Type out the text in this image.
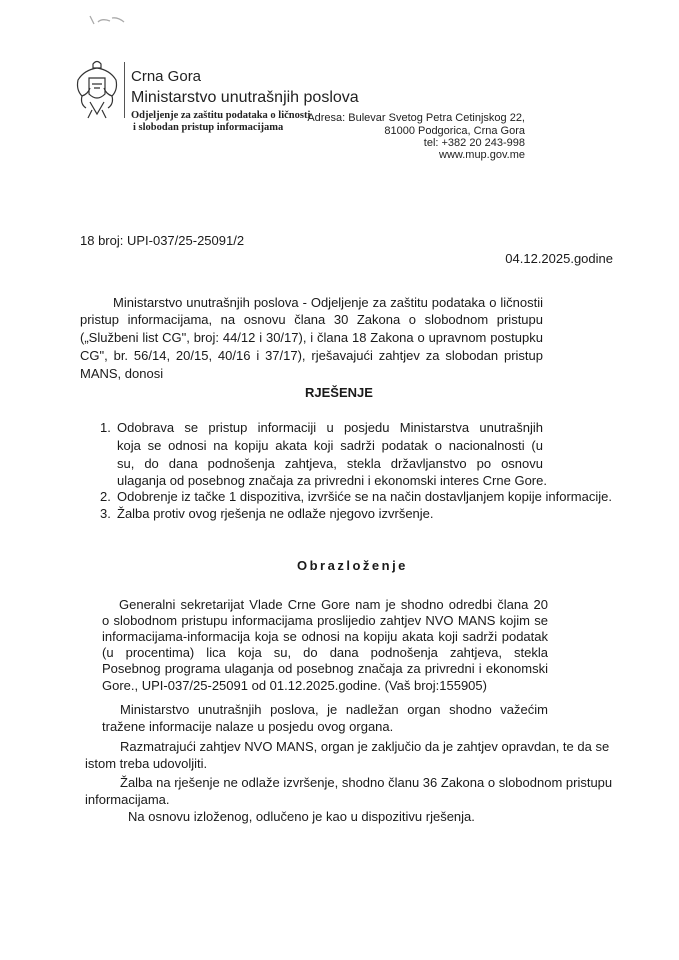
Crna Gora
Ministarstvo unutrašnjih poslova
Odjeljenje za zaštitu podataka o ličnosti
i slobodan pristup informacijama
Adresa: Bulevar Svetog Petra Cetinjskog 22,
81000 Podgorica, Crna Gora
tel: +382 20 243-998
www.mup.gov.me
18 broj: UPI-037/25-25091/2
04.12.2025.godine
Ministarstvo unutrašnjih poslova - Odjeljenje za zaštitu podataka o ličnostii
pristup informacijama, na osnovu člana 30 Zakona o slobodnom pristupu
(„Službeni list CG", broj: 44/12 i 30/17), i člana 18 Zakona o upravnom postupku
CG", br. 56/14, 20/15, 40/16 i 37/17), rješavajući zahtjev za slobodan pristup
MANS, donosi
RJEŠENJE
1. Odobrava se pristup informaciji u posjedu Ministarstva unutrašnjih
koja se odnosi na kopiju akata koji sadrži podatak o nacionalnosti (u
su, do dana podnošenja zahtjeva, stekla državljanstvo po osnovu
ulaganja od posebnog značaja za privredni i ekonomski interes Crne Gore.
2. Odobrenje iz tačke 1 dispozitiva, izvršiće se na način dostavljanjem kopije informacije.
3. Žalba protiv ovog rješenja ne odlaže njegovo izvršenje.
Obrazloženje
Generalni sekretarijat Vlade Crne Gore nam je shodno odredbi člana 20
o slobodnom pristupu informacijama proslijedio zahtjev NVO MANS kojim se
informacijama-informacija koja se odnosi na kopiju akata koji sadrži podatak
(u procentima) lica koja su, do dana podnošenja zahtjeva, stekla
Posebnog programa ulaganja od posebnog značaja za privredni i ekonomski
Gore., UPI-037/25-25091 od 01.12.2025.godine. (Vaš broj:155905)
Ministarstvo unutrašnjih poslova, je nadležan organ shodno važećim
tražene informacije nalaze u posjedu ovog organa.
Razmatrajući zahtjev NVO MANS, organ je zaključio da je zahtjev opravdan, te da se
istom treba udovoljiti.
Žalba na rješenje ne odlaže izvršenje, shodno članu 36 Zakona o slobodnom pristupu
informacijama.
Na osnovu izloženog, odlučeno je kao u dispozitivu rješenja.
